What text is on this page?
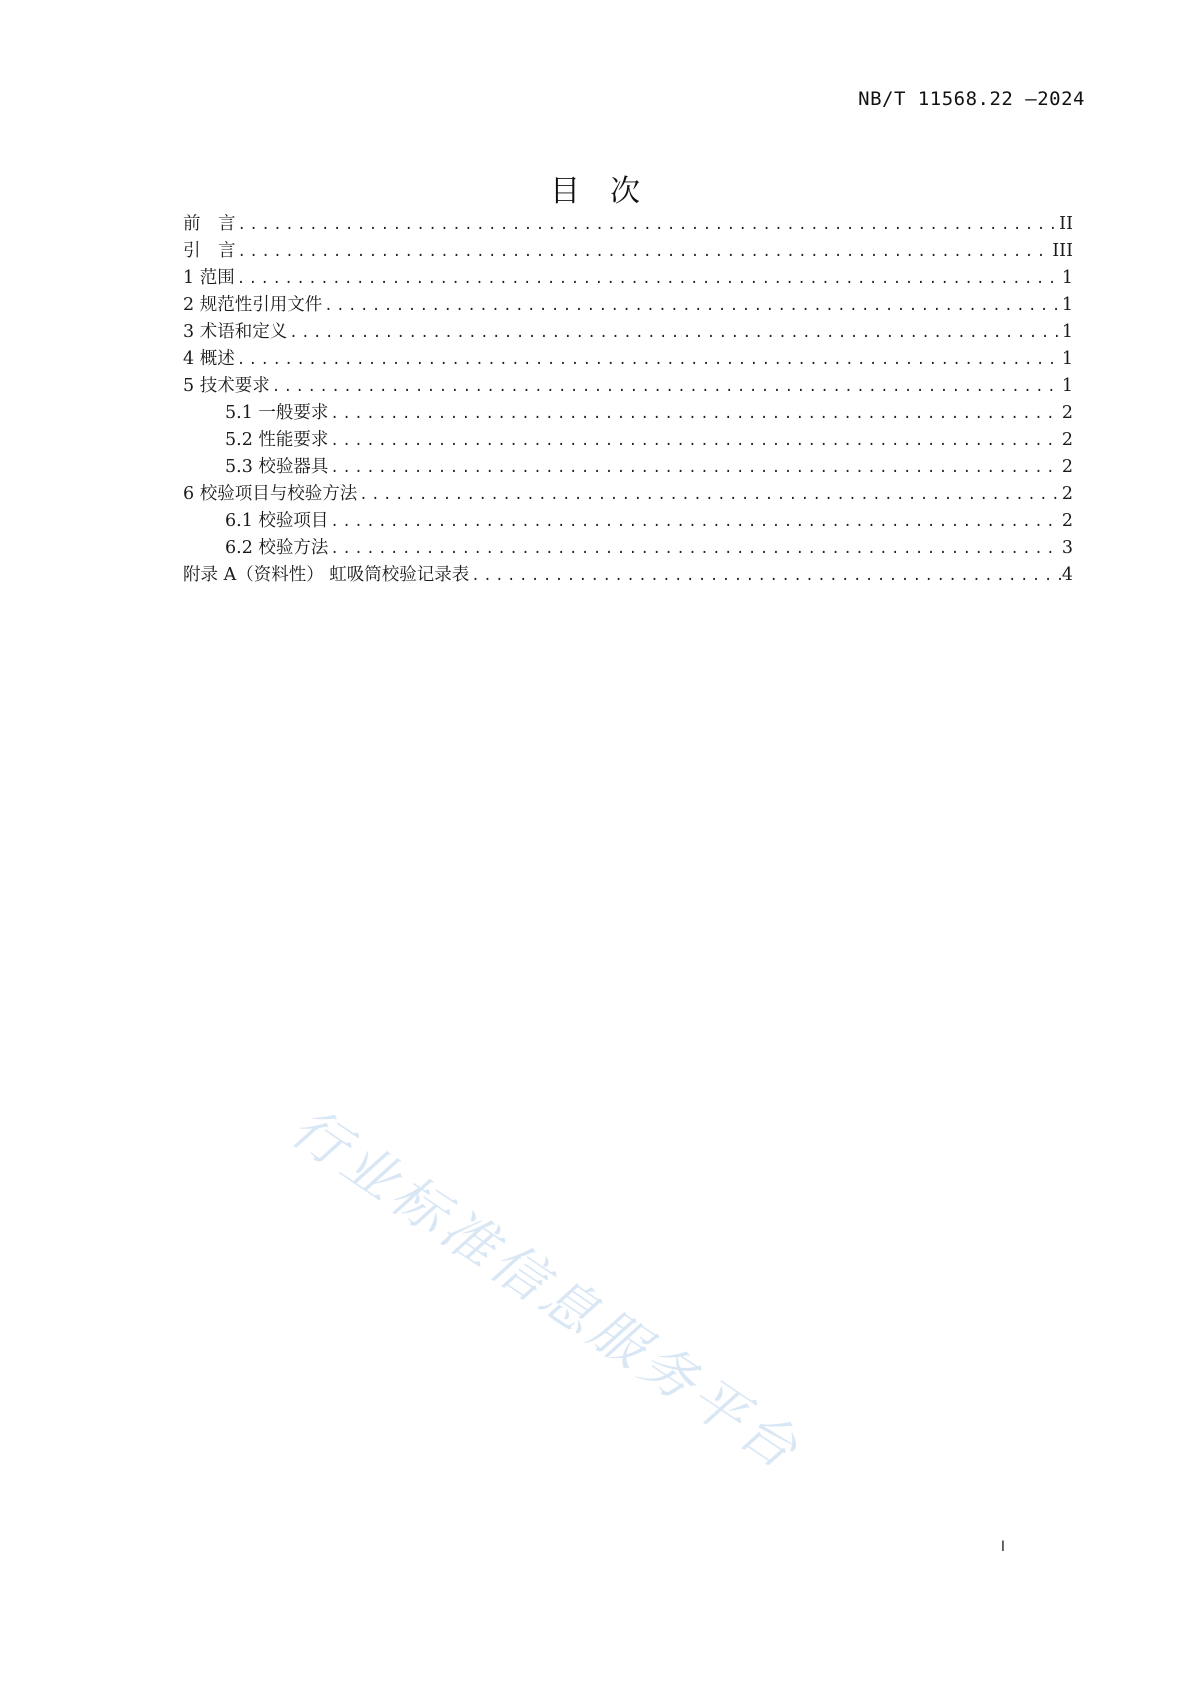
NB/T 11568.22 —2024
目　次
前　言 .....	II
引　言 .....	III
1 范围 .....	1
2 规范性引用文件 .....	1
3 术语和定义 .....	1
4 概述 .....	1
5 技术要求 .....	1
5.1 一般要求 .....	2
5.2 性能要求 .....	2
5.3 校验器具 .....	2
6 校验项目与校验方法 .....	2
6.1 校验项目 .....	2
6.2 校验方法 .....	3
附录 A（资料性） 虹吸筒校验记录表 .....	4
行业标准信息服务平台
I
